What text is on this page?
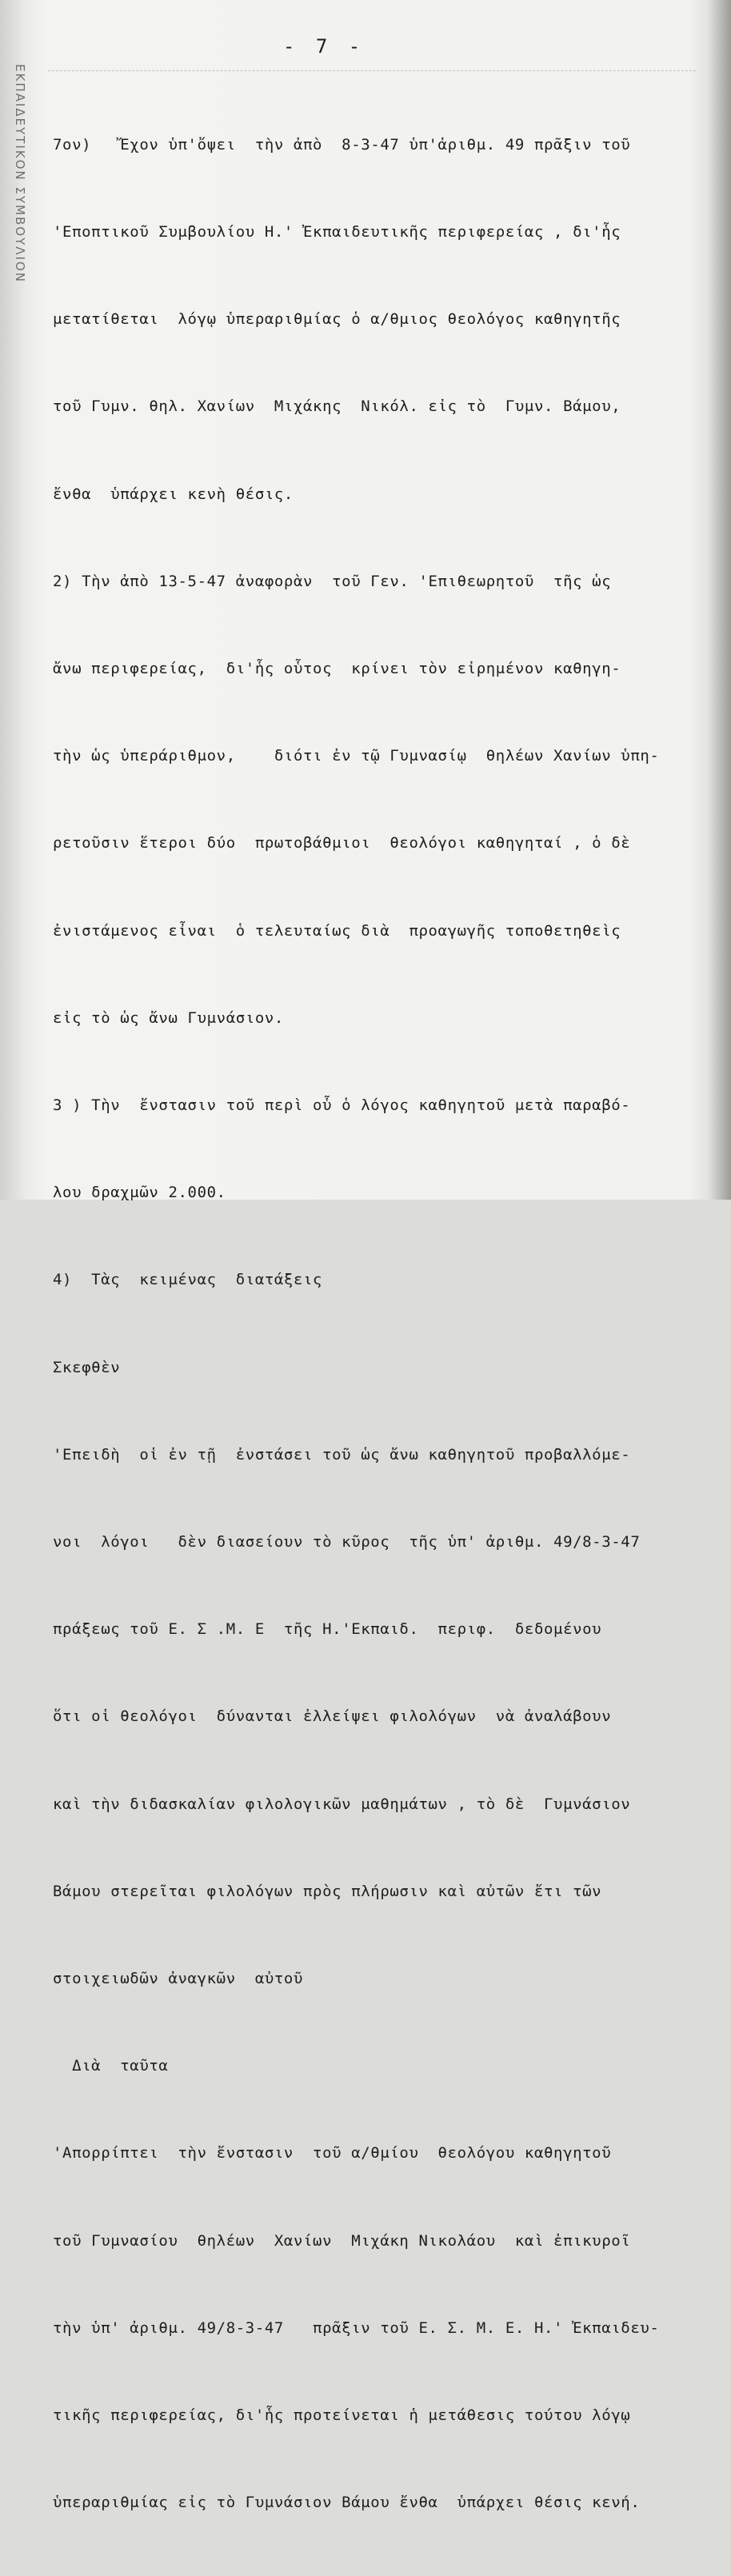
ΕΚΠΑΙΔΕΥΤΙΚΟΝ ΣΥΜΒΟΥΛΙΟΝ
- 7 -

7ον)   Ἔχον ὑπ'ὄψει  τὴν ἀπὸ  8-3-47 ὑπ'ἀριθμ. 49 πρᾶξιν τοῦ

'Εποπτικοῦ Συμβουλίου Η.' Ἐκπαιδευτικῆς περιφερείας , δι'ἧς

μετατίθεται  λόγῳ ὑπεραριθμίας ὁ α/θμιος θεολόγος καθηγητῆς

τοῦ Γυμν. θηλ. Χανίων  Μιχάκης  Νικόλ. εἰς τὸ  Γυμν. Βάμου,

ἔνθα  ὑπάρχει κενὴ θέσις.

2) Τὴν ἀπὸ 13-5-47 ἀναφορὰν  τοῦ Γεν. 'Επιθεωρητοῦ  τῆς ὡς

ἄνω περιφερείας,  δι'ἧς οὗτος  κρίνει τὸν εἰρημένον καθηγη-

τὴν ὡς ὑπεράριθμον,    διότι ἐν τῷ Γυμνασίῳ  θηλέων Χανίων ὑπη-

ρετοῦσιν ἕτεροι δύο  πρωτοβάθμιοι  θεολόγοι καθηγηταί , ὁ δὲ

ἐνιστάμενος εἶναι  ὁ τελευταίως διὰ  προαγωγῆς τοποθετηθεὶς

εἰς τὸ ὡς ἄνω Γυμνάσιον.

3 ) Τὴν  ἔνστασιν τοῦ περὶ οὗ ὁ λόγος καθηγητοῦ μετὰ παραβό-

λου δραχμῶν 2.000.

4)  Τὰς  κειμένας  διατάξεις

Σκεφθὲν

'Επειδὴ  οἱ ἐν τῇ  ἐνστάσει τοῦ ὡς ἄνω καθηγητοῦ προβαλλόμε-

νοι  λόγοι   δὲν διασείουν τὸ κῦρος  τῆς ὑπ' ἀριθμ. 49/8-3-47

πράξεως τοῦ Ε. Σ .Μ. Ε  τῆς Η.'Εκπαιδ.  περιφ.  δεδομένου

ὅτι οἱ θεολόγοι  δύνανται ἐλλείψει φιλολόγων  νὰ ἀναλάβουν

καὶ τὴν διδασκαλίαν φιλολογικῶν μαθημάτων , τὸ δὲ  Γυμνάσιον

Βάμου στερεῖται φιλολόγων πρὸς πλήρωσιν καὶ αὐτῶν ἔτι τῶν

στοιχειωδῶν ἀναγκῶν  αὐτοῦ

Διὰ  ταῦτα

'Απορρίπτει  τὴν ἔνστασιν  τοῦ α/θμίου  θεολόγου καθηγητοῦ

τοῦ Γυμνασίου  θηλέων  Χανίων  Μιχάκη Νικολάου  καὶ ἐπικυροῖ

τὴν ὑπ' ἀριθμ. 49/8-3-47   πρᾶξιν τοῦ Ε. Σ. Μ. Ε. Η.' Ἐκπαιδευ-

τικῆς περιφερείας, δι'ἧς προτείνεται ἡ μετάθεσις τούτου λόγῳ

ὑπεραριθμίας εἰς τὸ Γυμνάσιον Βάμου ἔνθα  ὑπάρχει θέσις κενή.
